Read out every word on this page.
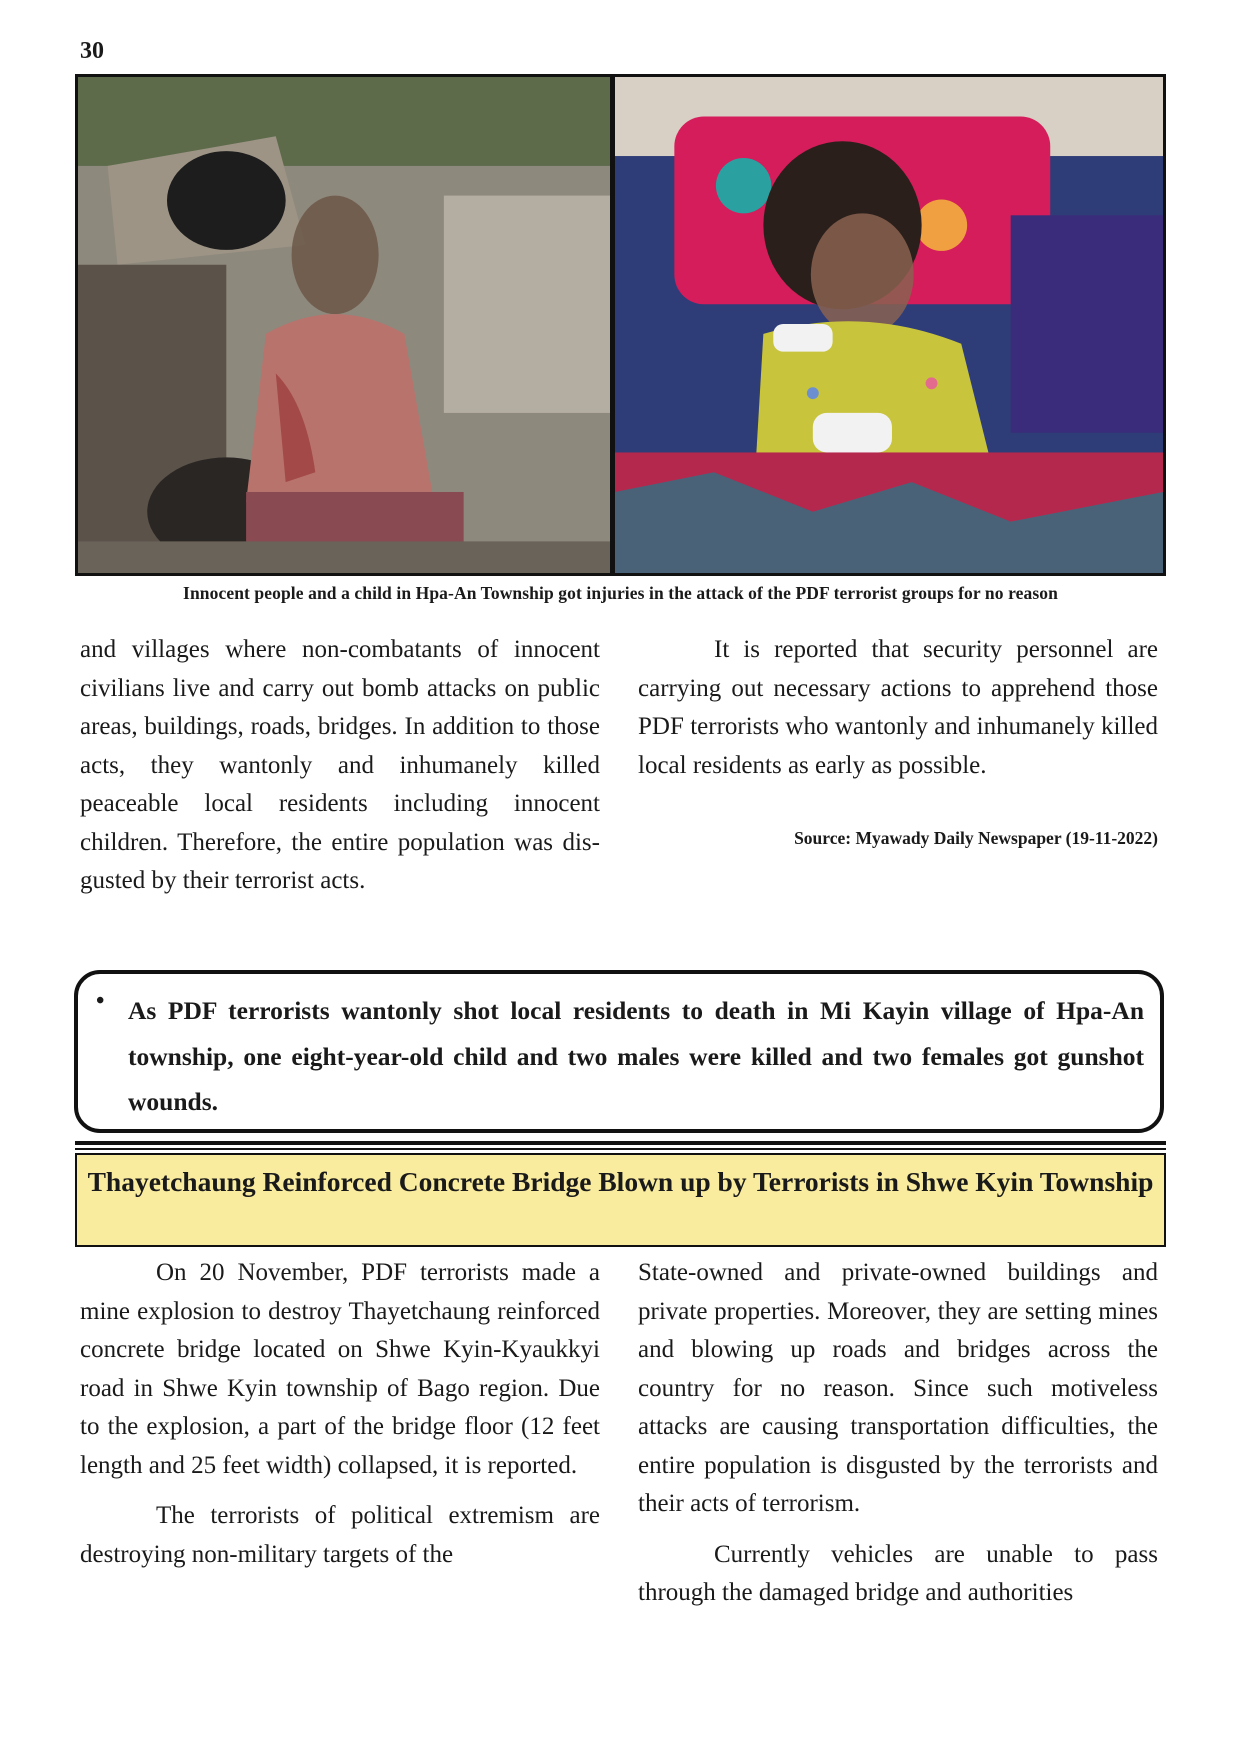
30
Innocent people and a child in Hpa-An Township got injuries in the attack of the PDF terrorist groups for no reason

and villages where non-combatants of innocent civilians live and carry out bomb attacks on public areas, buildings, roads, bridges. In addition to those acts, they wantonly and inhumanely killed peaceable local residents including innocent children. Therefore, the entire population was disgusted by their terrorist acts.

It is reported that security personnel are carrying out necessary actions to apprehend those PDF terrorists who wantonly and inhumanely killed local residents as early as possible.

Source: Myawady Daily Newspaper (19-11-2022)
• As PDF terrorists wantonly shot local residents to death in Mi Kayin village of Hpa-An township, one eight-year-old child and two males were killed and two females got gunshot wounds.
Thayetchaung Reinforced Concrete Bridge Blown up by Terrorists in Shwe Kyin Township

On 20 November, PDF terrorists made a mine explosion to destroy Thayetchaung reinforced concrete bridge located on Shwe Kyin-Kyaukkyi road in Shwe Kyin township of Bago region. Due to the explosion, a part of the bridge floor (12 feet length and 25 feet width) collapsed, it is reported.

The terrorists of political extremism are destroying non-military targets of the

State-owned and private-owned buildings and private properties. Moreover, they are setting mines and blowing up roads and bridges across the country for no reason. Since such motiveless attacks are causing transportation difficulties, the entire population is disgusted by the terrorists and their acts of terrorism.

Currently vehicles are unable to pass through the damaged bridge and authorities
